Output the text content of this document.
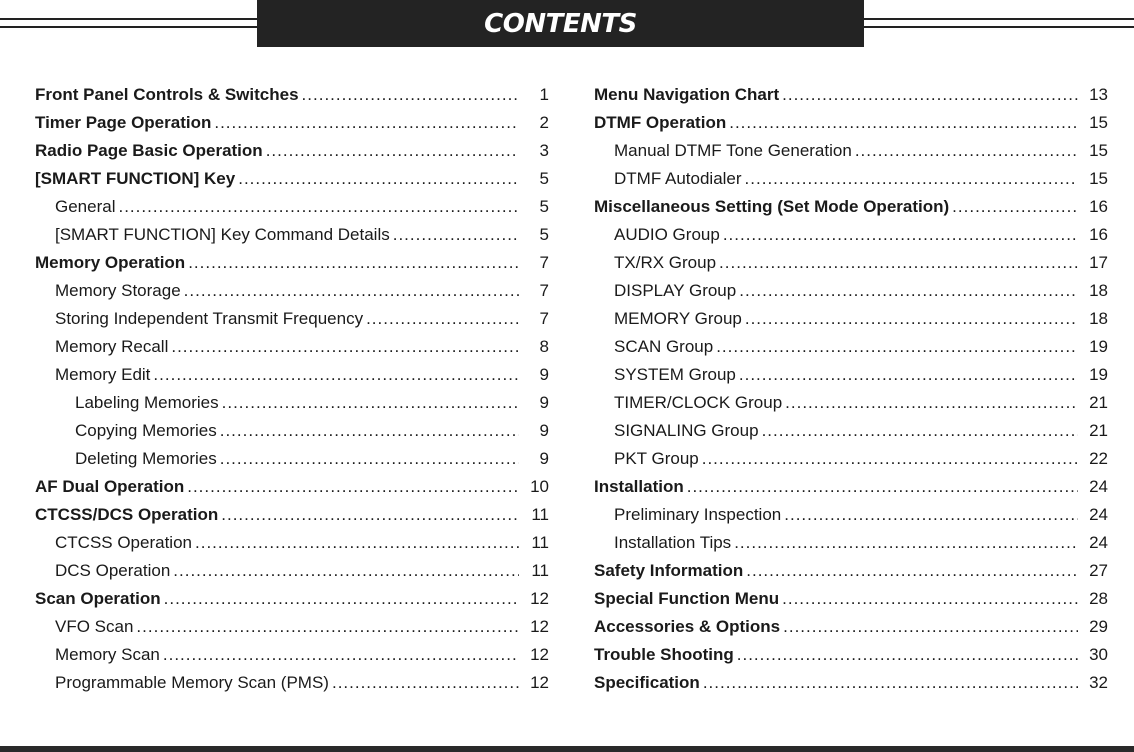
CONTENTS
Front Panel Controls & Switches .....	1
Timer Page Operation .....	2
Radio Page Basic Operation .....	3
[SMART FUNCTION] Key .....	5
General .....	5
[SMART FUNCTION] Key Command Details .....	5
Memory Operation .....	7
Memory Storage .....	7
Storing Independent Transmit Frequency .....	7
Memory Recall .....	8
Memory Edit .....	9
Labeling Memories .....	9
Copying Memories .....	9
Deleting Memories .....	9
AF Dual Operation .....	10
CTCSS/DCS Operation .....	11
CTCSS Operation .....	11
DCS Operation .....	11
Scan Operation .....	12
VFO Scan .....	12
Memory Scan .....	12
Programmable Memory Scan (PMS) .....	12
Menu Navigation Chart .....	13
DTMF Operation .....	15
Manual DTMF Tone Generation .....	15
DTMF Autodialer .....	15
Miscellaneous Setting (Set Mode Operation) .....	16
AUDIO Group .....	16
TX/RX Group .....	17
DISPLAY Group .....	18
MEMORY Group .....	18
SCAN Group .....	19
SYSTEM Group .....	19
TIMER/CLOCK Group .....	21
SIGNALING Group .....	21
PKT Group .....	22
Installation .....	24
Preliminary Inspection .....	24
Installation Tips .....	24
Safety Information .....	27
Special Function Menu .....	28
Accessories & Options .....	29
Trouble Shooting .....	30
Specification .....	32
